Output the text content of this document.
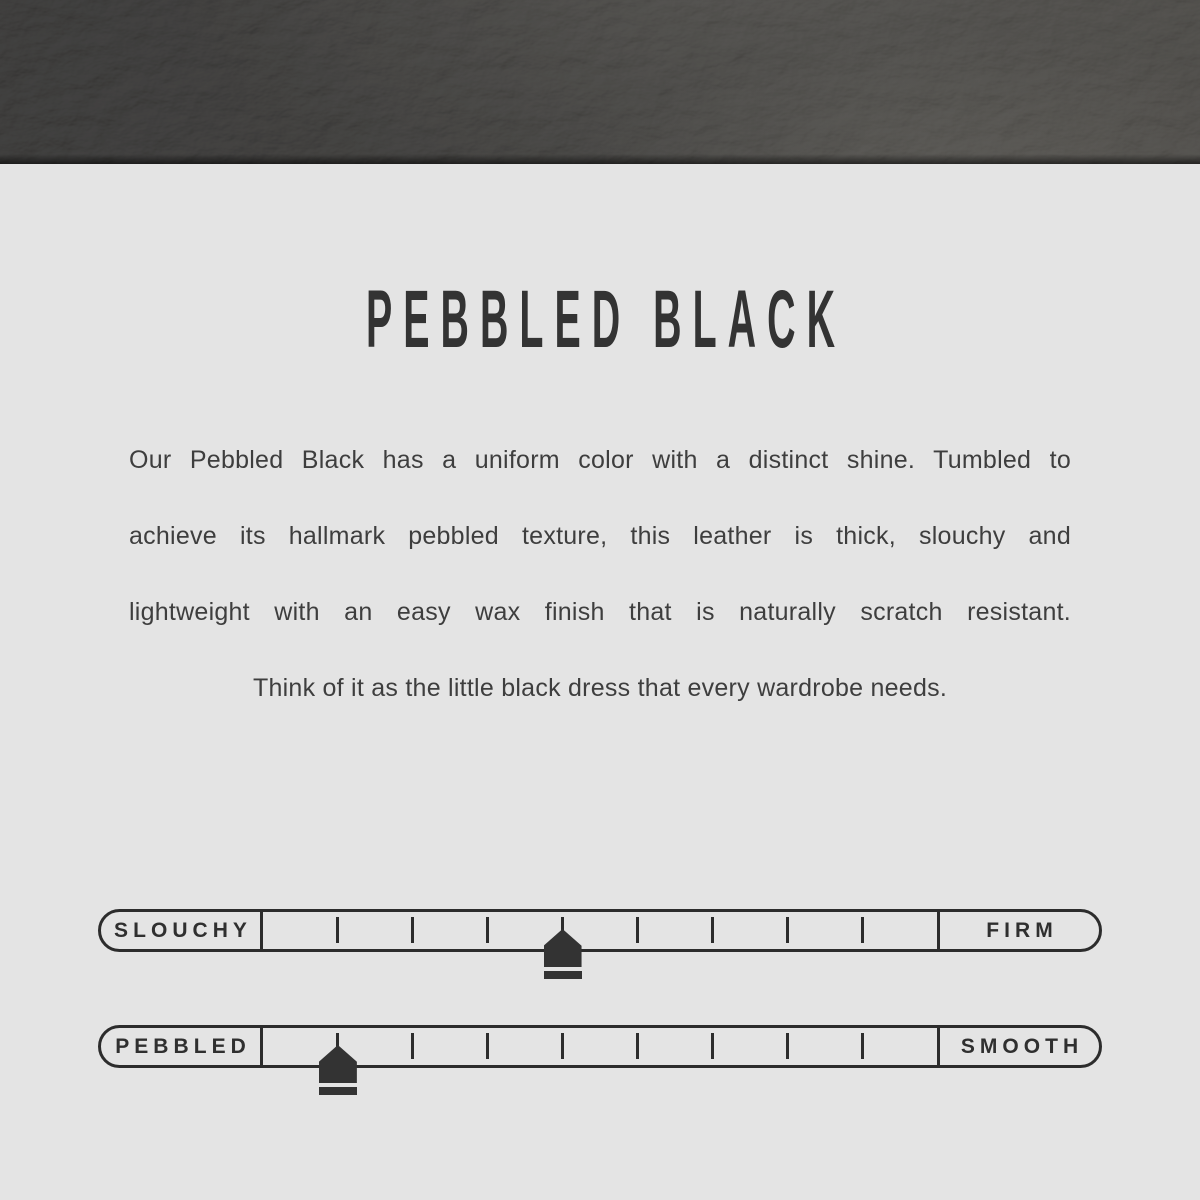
PEBBLED BLACK

Our Pebbled Black has a uniform color with a distinct shine. Tumbled to

achieve its hallmark pebbled texture, this leather is thick, slouchy and

lightweight with an easy wax finish that is naturally scratch resistant.

Think of it as the little black dress that every wardrobe needs.

SLOUCHY	FIRM
PEBBLED	SMOOTH
